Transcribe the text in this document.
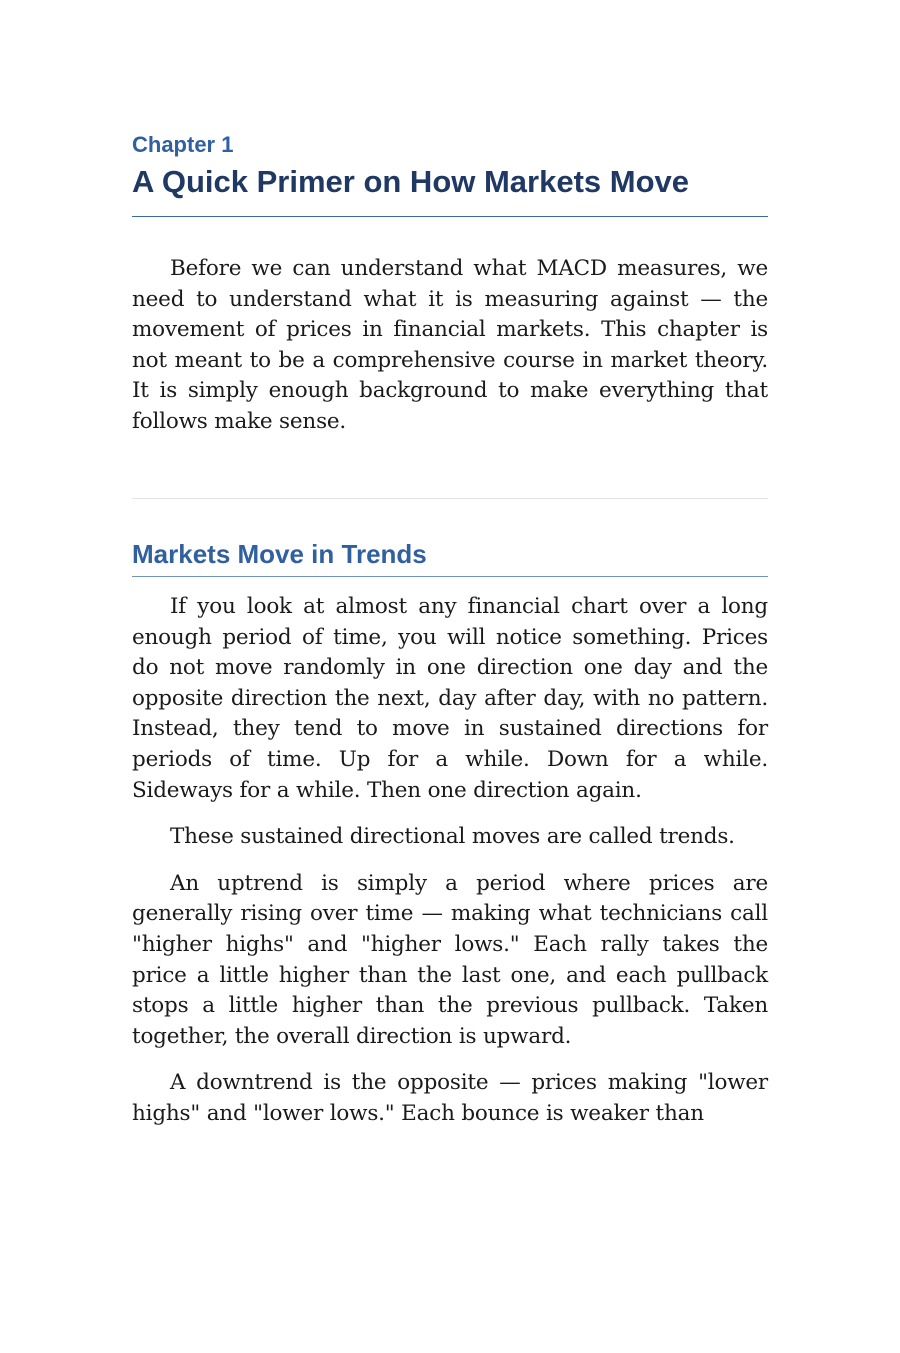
Chapter 1
A Quick Primer on How Markets Move

Before we can understand what MACD measures, we need to understand what it is measuring against — the movement of prices in financial markets. This chapter is not meant to be a comprehensive course in market theory. It is simply enough background to make everything that follows make sense.

Markets Move in Trends

If you look at almost any financial chart over a long enough period of time, you will notice something. Prices do not move randomly in one direction one day and the opposite direction the next, day after day, with no pattern. Instead, they tend to move in sustained directions for periods of time. Up for a while. Down for a while. Sideways for a while. Then one direction again.

These sustained directional moves are called trends.

An uptrend is simply a period where prices are generally rising over time — making what technicians call "higher highs" and "higher lows." Each rally takes the price a little higher than the last one, and each pullback stops a little higher than the previous pullback. Taken together, the overall direction is upward.

A downtrend is the opposite — prices making "lower highs" and "lower lows." Each bounce is weaker than
